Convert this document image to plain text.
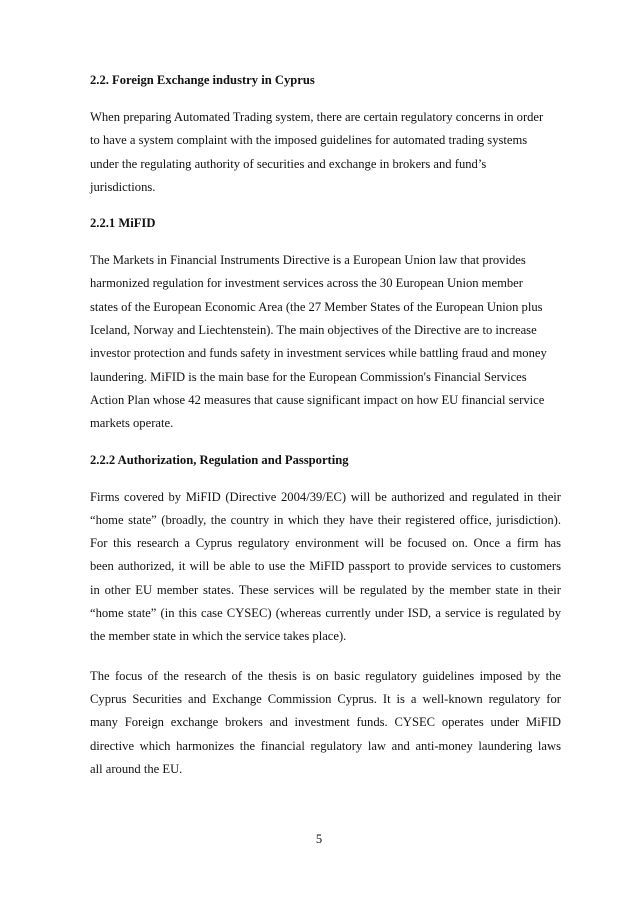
2.2. Foreign Exchange industry in Cyprus

When preparing Automated Trading system, there are certain regulatory concerns in order
to have a system complaint with the imposed guidelines for automated trading systems
under the regulating authority of securities and exchange in brokers and fund’s
jurisdictions.

2.2.1 MiFID

The Markets in Financial Instruments Directive is a European Union law that provides
harmonized regulation for investment services across the 30 European Union member
states of the European Economic Area (the 27 Member States of the European Union plus
Iceland, Norway and Liechtenstein). The main objectives of the Directive are to increase
investor protection and funds safety in investment services while battling fraud and money
laundering. MiFID is the main base for the European Commission's Financial Services
Action Plan whose 42 measures that cause significant impact on how EU financial service
markets operate.

2.2.2 Authorization, Regulation and Passporting

Firms covered by MiFID (Directive 2004/39/EC) will be authorized and regulated in their
“home state” (broadly, the country in which they have their registered office, jurisdiction).
For this research a Cyprus regulatory environment will be focused on. Once a firm has
been authorized, it will be able to use the MiFID passport to provide services to customers
in other EU member states. These services will be regulated by the member state in their
“home state” (in this case CYSEC) (whereas currently under ISD, a service is regulated by
the member state in which the service takes place).

The focus of the research of the thesis is on basic regulatory guidelines imposed by the
Cyprus Securities and Exchange Commission Cyprus. It is a well-known regulatory for
many Foreign exchange brokers and investment funds. CYSEC operates under MiFID
directive which harmonizes the financial regulatory law and anti-money laundering laws
all around the EU.

5
